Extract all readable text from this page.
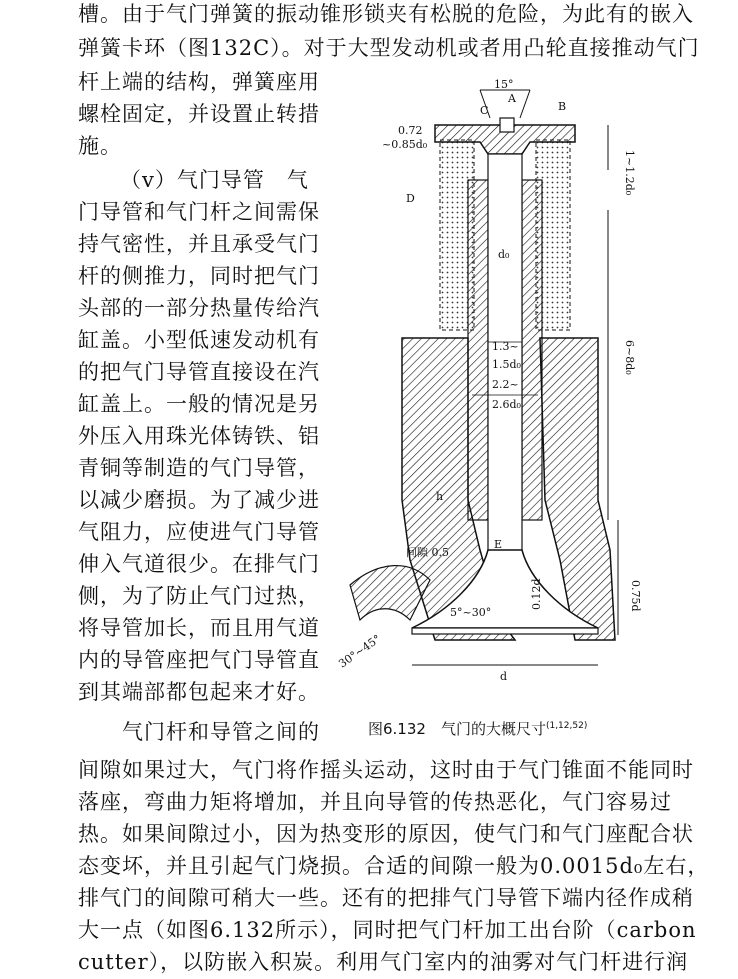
槽。由于气门弹簧的振动锥形锁夹有松脱的危险，为此有的嵌入
弹簧卡环（图132C）。对于大型发动机或者用凸轮直接推动气门
杆上端的结构，弹簧座用
螺栓固定，并设置止转措
施。
（v）气门导管　气
门导管和气门杆之间需保
持气密性，并且承受气门
杆的侧推力，同时把气门
头部的一部分热量传给汽
缸盖。小型低速发动机有
的把气门导管直接设在汽
缸盖上。一般的情况是另
外压入用珠光体铸铁、铝
青铜等制造的气门导管，
以减少磨损。为了减少进
气阻力，应使进气门导管
伸入气道很少。在排气门
侧，为了防止气门过热，
将导管加长，而且用气道
内的导管座把气门导管直
到其端部都包起来才好。
　　气门杆和导管之间的
15°
C
A
B
0.72
~0.85d₀
D
1~1.2d₀
d₀
1.3~
1.5d₀
2.2~
2.6d₀
6~8d₀
h
间隙 0.5
E
0.12d
5°~30°
30°~45°
d
0.75d
图6.132　气门的大概尺寸$^{(1,12,52)}$
间隙如果过大，气门将作摇头运动，这时由于气门锥面不能同时
落座，弯曲力矩将增加，并且向导管的传热恶化，气门容易过
热。如果间隙过小，因为热变形的原因，使气门和气门座配合状
态变坏，并且引起气门烧损。合适的间隙一般为0.0015d₀左右，
排气门的间隙可稍大一些。还有的把排气门导管下端内径作成稍
大一点（如图6.132所示），同时把气门杆加工出台阶（carbon
cutter），以防嵌入积炭。利用气门室内的油雾对气门杆进行润
